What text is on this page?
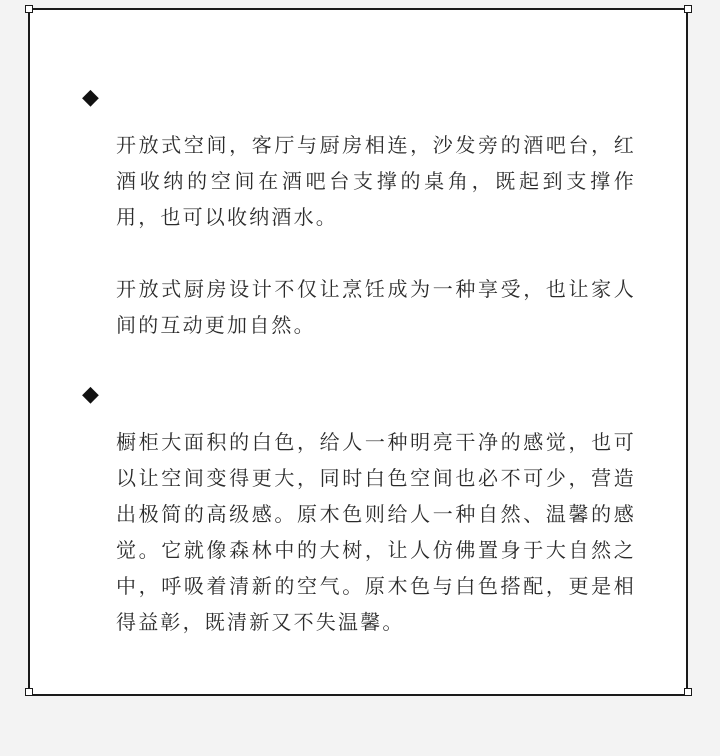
◆

开放式空间，客厅与厨房相连，沙发旁的酒吧台，红酒收纳的空间在酒吧台支撑的桌角，既起到支撑作用，也可以收纳酒水。

开放式厨房设计不仅让烹饪成为一种享受，也让家人间的互动更加自然。

◆

橱柜大面积的白色，给人一种明亮干净的感觉，也可以让空间变得更大，同时白色空间也必不可少，营造出极简的高级感。原木色则给人一种自然、温馨的感觉。它就像森林中的大树，让人仿佛置身于大自然之中，呼吸着清新的空气。原木色与白色搭配，更是相得益彰，既清新又不失温馨。
